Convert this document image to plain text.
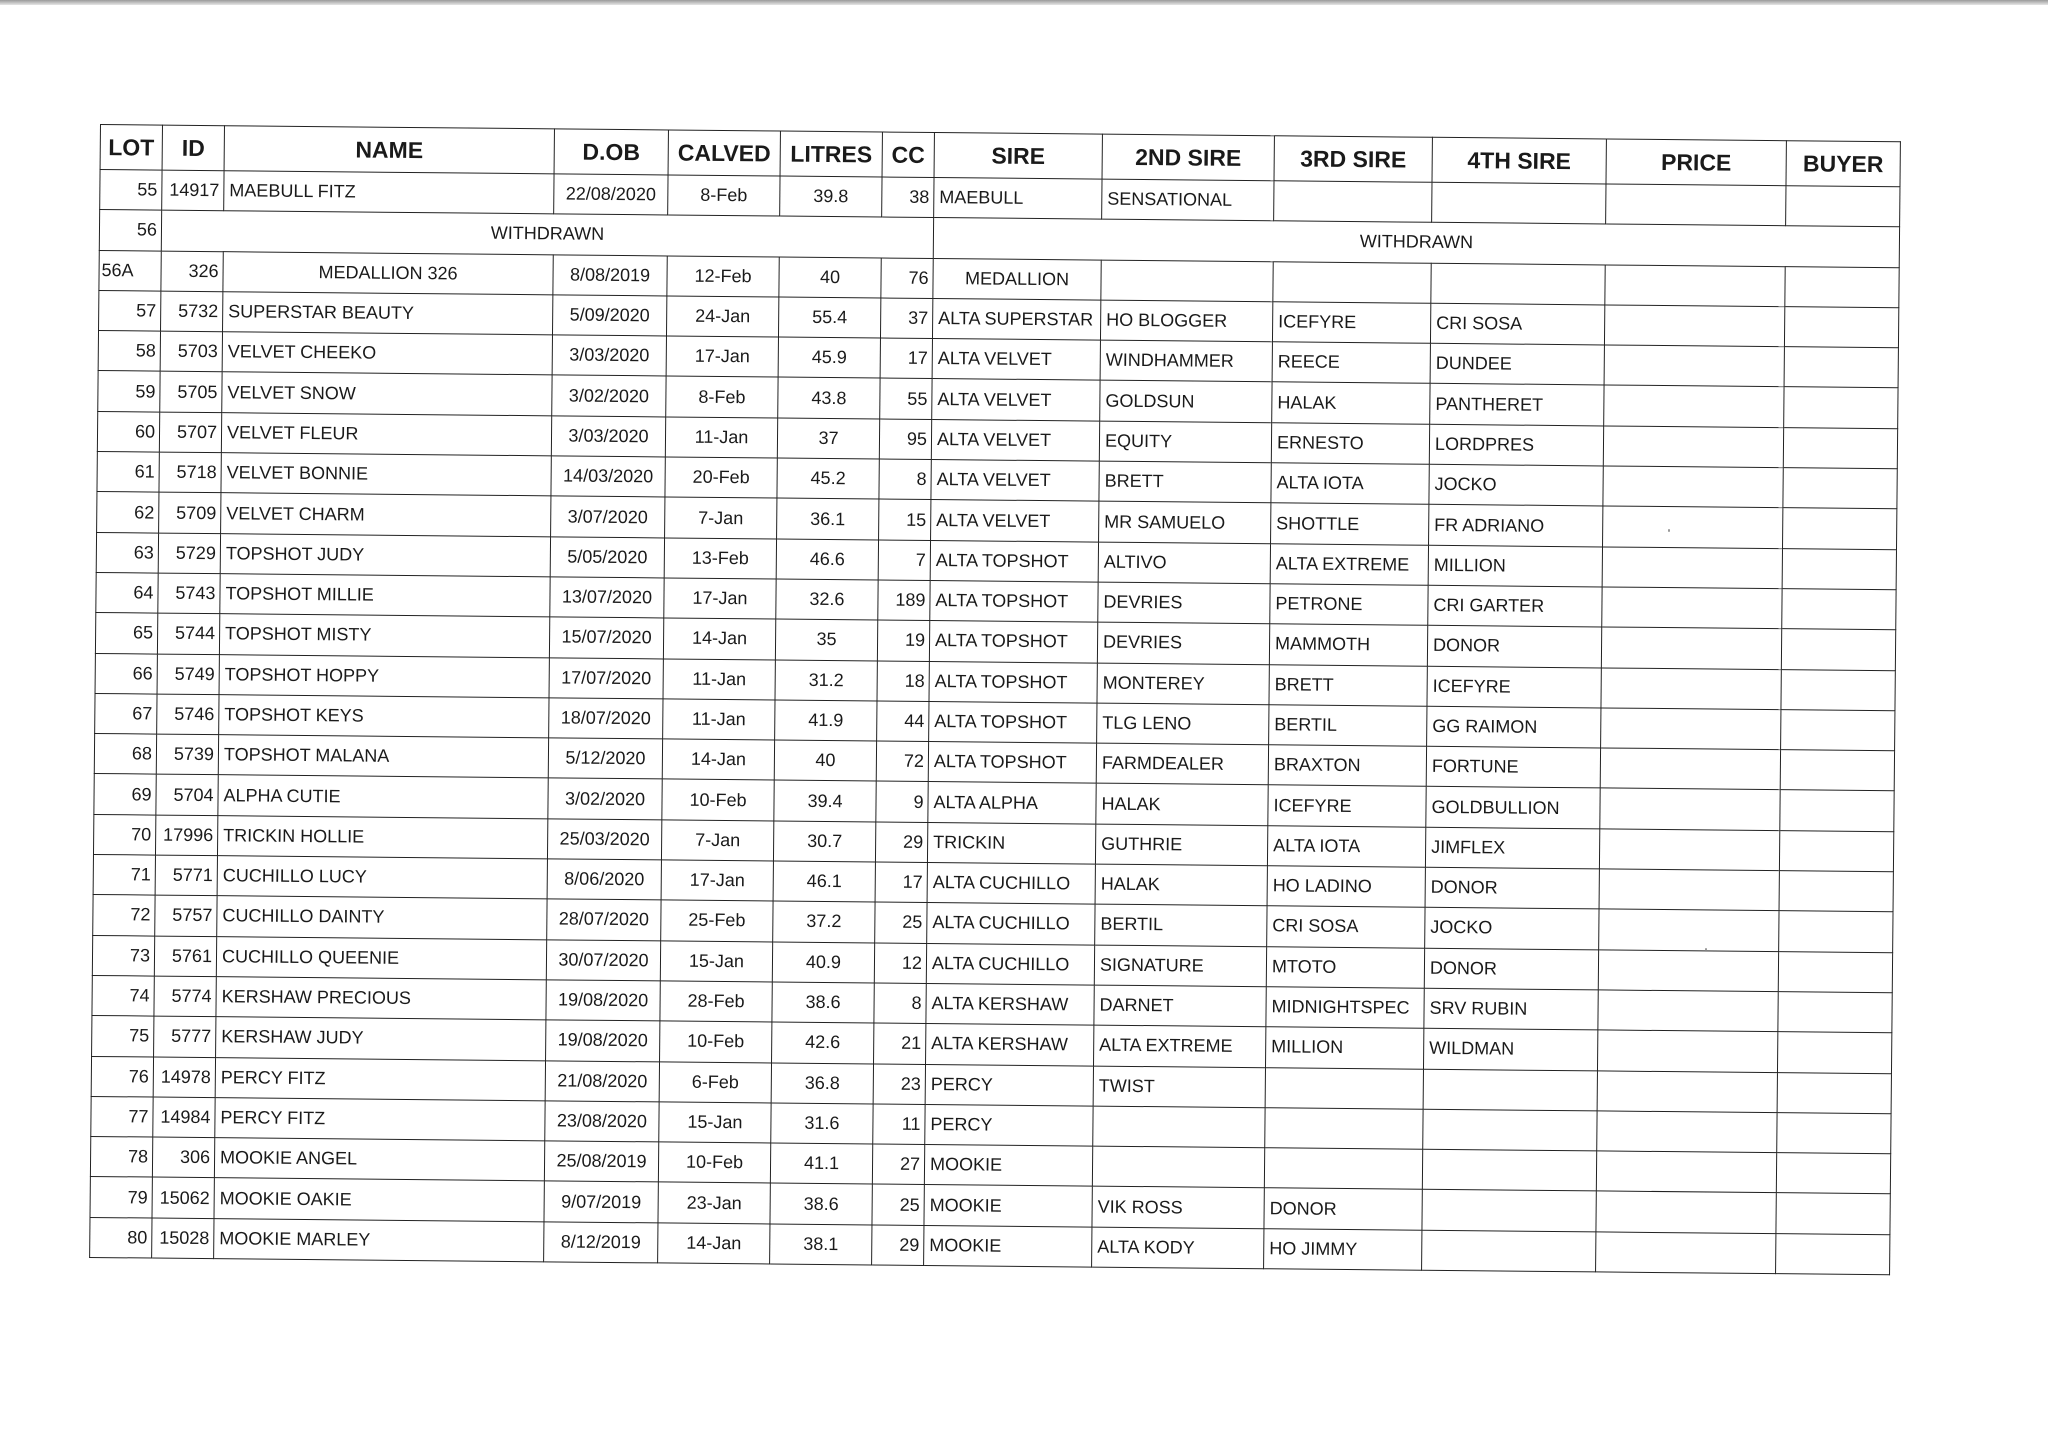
LOT	ID	NAME	D.OB	CALVED	LITRES	CC	SIRE	2ND SIRE	3RD SIRE	4TH SIRE	PRICE	BUYER
55	14917	MAEBULL FITZ	22/08/2020	8-Feb	39.8	38	MAEBULL	SENSATIONAL				
56	WITHDRAWN						WITHDRAWN					
56A	326	MEDALLION 326	8/08/2019	12-Feb	40	76	MEDALLION					
57	5732	SUPERSTAR BEAUTY	5/09/2020	24-Jan	55.4	37	ALTA SUPERSTAR	HO BLOGGER	ICEFYRE	CRI SOSA		
58	5703	VELVET CHEEKO	3/03/2020	17-Jan	45.9	17	ALTA VELVET	WINDHAMMER	REECE	DUNDEE		
59	5705	VELVET SNOW	3/02/2020	8-Feb	43.8	55	ALTA VELVET	GOLDSUN	HALAK	PANTHERET		
60	5707	VELVET FLEUR	3/03/2020	11-Jan	37	95	ALTA VELVET	EQUITY	ERNESTO	LORDPRES		
61	5718	VELVET BONNIE	14/03/2020	20-Feb	45.2	8	ALTA VELVET	BRETT	ALTA IOTA	JOCKO		
62	5709	VELVET CHARM	3/07/2020	7-Jan	36.1	15	ALTA VELVET	MR SAMUELO	SHOTTLE	FR ADRIANO		
63	5729	TOPSHOT JUDY	5/05/2020	13-Feb	46.6	7	ALTA TOPSHOT	ALTIVO	ALTA EXTREME	MILLION		
64	5743	TOPSHOT MILLIE	13/07/2020	17-Jan	32.6	189	ALTA TOPSHOT	DEVRIES	PETRONE	CRI GARTER		
65	5744	TOPSHOT MISTY	15/07/2020	14-Jan	35	19	ALTA TOPSHOT	DEVRIES	MAMMOTH	DONOR		
66	5749	TOPSHOT HOPPY	17/07/2020	11-Jan	31.2	18	ALTA TOPSHOT	MONTEREY	BRETT	ICEFYRE		
67	5746	TOPSHOT KEYS	18/07/2020	11-Jan	41.9	44	ALTA TOPSHOT	TLG LENO	BERTIL	GG RAIMON		
68	5739	TOPSHOT MALANA	5/12/2020	14-Jan	40	72	ALTA TOPSHOT	FARMDEALER	BRAXTON	FORTUNE		
69	5704	ALPHA CUTIE	3/02/2020	10-Feb	39.4	9	ALTA ALPHA	HALAK	ICEFYRE	GOLDBULLION		
70	17996	TRICKIN HOLLIE	25/03/2020	7-Jan	30.7	29	TRICKIN	GUTHRIE	ALTA IOTA	JIMFLEX		
71	5771	CUCHILLO LUCY	8/06/2020	17-Jan	46.1	17	ALTA CUCHILLO	HALAK	HO LADINO	DONOR		
72	5757	CUCHILLO DAINTY	28/07/2020	25-Feb	37.2	25	ALTA CUCHILLO	BERTIL	CRI SOSA	JOCKO		
73	5761	CUCHILLO QUEENIE	30/07/2020	15-Jan	40.9	12	ALTA CUCHILLO	SIGNATURE	MTOTO	DONOR		
74	5774	KERSHAW PRECIOUS	19/08/2020	28-Feb	38.6	8	ALTA KERSHAW	DARNET	MIDNIGHTSPEC	SRV RUBIN		
75	5777	KERSHAW JUDY	19/08/2020	10-Feb	42.6	21	ALTA KERSHAW	ALTA EXTREME	MILLION	WILDMAN		
76	14978	PERCY FITZ	21/08/2020	6-Feb	36.8	23	PERCY	TWIST				
77	14984	PERCY FITZ	23/08/2020	15-Jan	31.6	11	PERCY					
78	306	MOOKIE ANGEL	25/08/2019	10-Feb	41.1	27	MOOKIE					
79	15062	MOOKIE OAKIE	9/07/2019	23-Jan	38.6	25	MOOKIE	VIK ROSS	DONOR			
80	15028	MOOKIE MARLEY	8/12/2019	14-Jan	38.1	29	MOOKIE	ALTA KODY	HO JIMMY			
